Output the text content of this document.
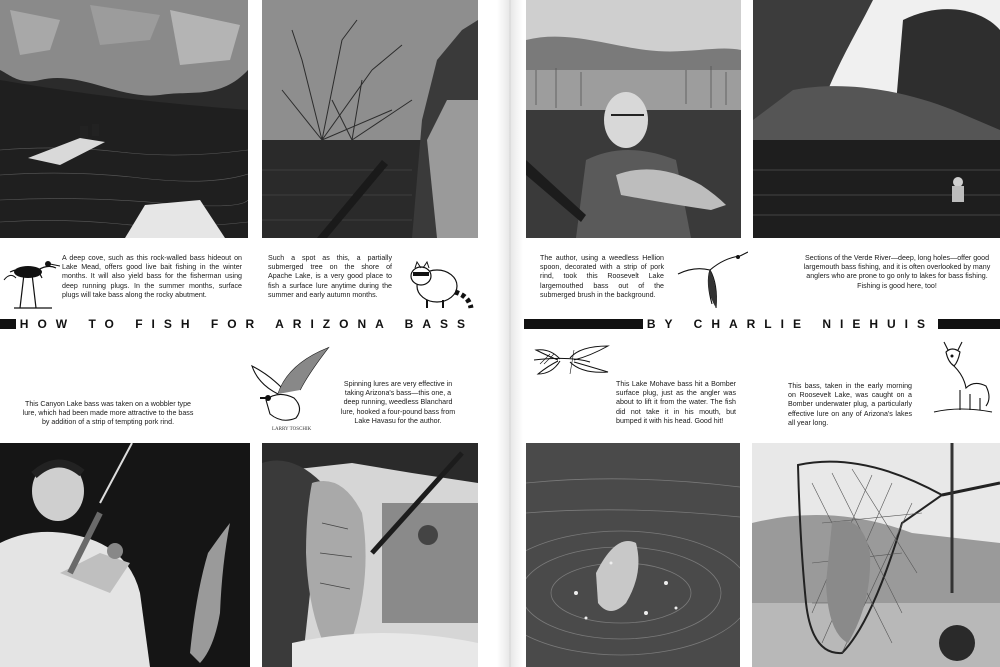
A deep cove, such as this rock-walled bass hideout on Lake Mead, offers good live bait fishing in the winter months. It will also yield bass for the fisherman using deep running plugs. In the summer months, surface plugs will take bass along the rocky abutment.
Such a spot as this, a partially submerged tree on the shore of Apache Lake, is a very good place to fish a surface lure anytime during the summer and early autumn months.
The author, using a weedless Hellion spoon, decorated with a strip of pork rind, took this Roosevelt Lake largemouthed bass out of the submerged brush in the background.
Sections of the Verde River—deep, long holes—offer good largemouth bass fishing, and it is often overlooked by many anglers who are prone to go only to lakes for bass fishing. Fishing is good here, too!
HOW TO FISH FOR ARIZONA BASS	BY CHARLIE NIEHUIS
This Canyon Lake bass was taken on a wobbler type lure, which had been made more attractive to the bass by addition of a strip of tempting pork rind.
LARRY TOSCHIK
Spinning lures are very effective in taking Arizona's bass—this one, a deep running, weedless Blanchard lure, hooked a four-pound bass from Lake Havasu for the author.
This Lake Mohave bass hit a Bomber surface plug, just as the angler was about to lift it from the water. The fish did not take it in his mouth, but bumped it with his head. Good hit!
This bass, taken in the early morning on Roosevelt Lake, was caught on a Bomber underwater plug, a particularly effective lure on any of Arizona's lakes all year long.
